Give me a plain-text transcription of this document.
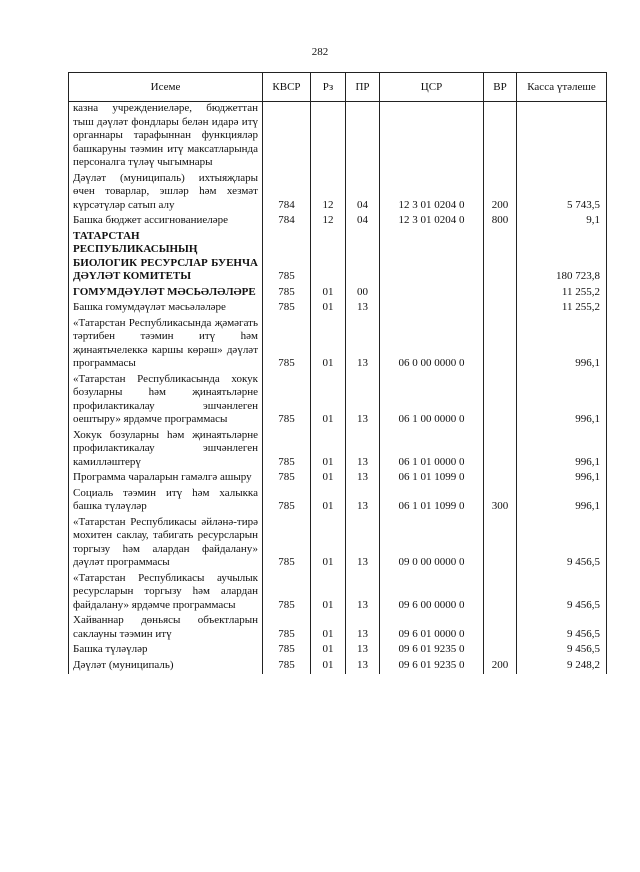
282
Исеме	КВСР	Рз	ПР	ЦСР	ВР	Касса үтәлеше
казна учреждениеләре, бюджеттан тыш дәүләт фондлары белән идарә итү органнары тарафыннан функцияләр башкаруны тәэмин итү максатларында персоналга түләү чыгымнары						
Дәүләт (муниципаль) ихтыяҗлары өчен товарлар, эшләр һәм хезмәт күрсәтүләр сатып алу	784	12	04	12 3 01 0204 0	200	5 743,5
Башка бюджет ассигнованиеләре	784	12	04	12 3 01 0204 0	800	9,1
ТАТАРСТАН РЕСПУБЛИКАСЫНЫҢ БИОЛОГИК РЕСУРСЛАР БУЕНЧА ДӘҮЛӘТ КОМИТЕТЫ	785					180 723,8
ГОМУМДӘҮЛӘТ МӘСЬӘЛӘЛӘРЕ	785	01	00			11 255,2
Башка гомумдәүләт мәсьәләләре	785	01	13			11 255,2
«Татарстан Республикасында җәмәгать тәртибен тәэмин итү һәм җинаятьчелеккә каршы көрәш» дәүләт программасы	785	01	13	06 0 00 0000 0		996,1
«Татарстан Республикасында хокук бозуларны һәм җинаятьләрне профилактикалау эшчәнлеген оештыру» ярдәмче программасы	785	01	13	06 1 00 0000 0		996,1
Хокук бозуларны һәм җинаятьләрне профилактикалау эшчәнлеген камилләштерү	785	01	13	06 1 01 0000 0		996,1
Программа чараларын гамәлгә ашыру	785	01	13	06 1 01 1099 0		996,1
Социаль тәэмин итү һәм халыкка башка түләүләр	785	01	13	06 1 01 1099 0	300	996,1
«Татарстан Республикасы әйләнә-тирә мохитен саклау, табигать ресурсларын торгызу һәм алардан файдалану» дәүләт программасы	785	01	13	09 0 00 0000 0		9 456,5
«Татарстан Республикасы аучылык ресурсларын торгызу һәм алардан файдалану» ярдәмче программасы	785	01	13	09 6 00 0000 0		9 456,5
Хайваннар дөньясы объектларын саклауны тәэмин итү	785	01	13	09 6 01 0000 0		9 456,5
Башка түләүләр	785	01	13	09 6 01 9235 0		9 456,5
Дәүләт (муниципаль)	785	01	13	09 6 01 9235 0	200	9 248,2
